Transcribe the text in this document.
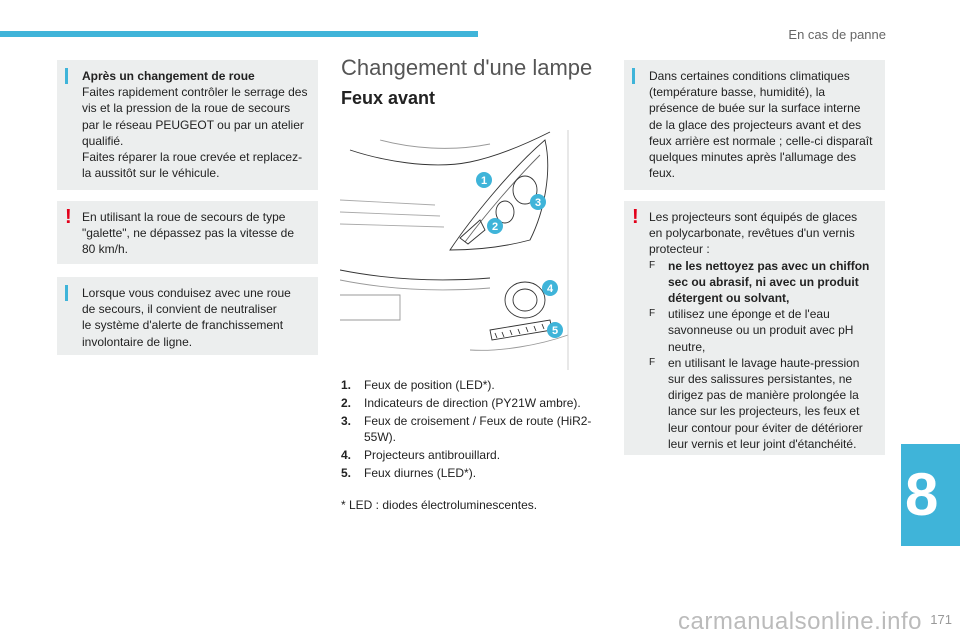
En cas de panne

Après un changement de roue

Faites rapidement contrôler le serrage des

vis et la pression de la roue de secours

par le réseau PEUGEOT ou par un atelier

qualifié.

Faites réparer la roue crevée et replacez-

la aussitôt sur le véhicule.

! En utilisant la roue de secours de type

"galette", ne dépassez pas la vitesse de

80 km/h.

Lorsque vous conduisez avec une roue

de secours, il convient de neutraliser

le système d'alerte de franchissement

involontaire de ligne.

Changement d'une lampe
Feux avant
1
2
3
4
5
1.	Feux de position (LED*).
2.	Indicateurs de direction (PY21W ambre).
3.	Feux de croisement / Feux de route (HiR2-55W).
4.	Projecteurs antibrouillard.
5.	Feux diurnes (LED*).
* LED : diodes électroluminescentes.

Dans certaines conditions climatiques

(température basse, humidité), la

présence de buée sur la surface interne

de la glace des projecteurs avant et des

feux arrière est normale ; celle-ci disparaît

quelques minutes après l'allumage des

feux.

! Les projecteurs sont équipés de glaces

en polycarbonate, revêtues d'un vernis

protecteur :

F	ne les nettoyez pas avec un chiffon sec ou abrasif, ni avec un produit détergent ou solvant,
F	utilisez une éponge et de l'eau savonneuse ou un produit avec pH neutre,
F	en utilisant le lavage haute-pression sur des salissures persistantes, ne dirigez pas de manière prolongée la lance sur les projecteurs, les feux et leur contour pour éviter de détériorer leur vernis et leur joint d'étanchéité.
8
171
carmanualsonline.info
